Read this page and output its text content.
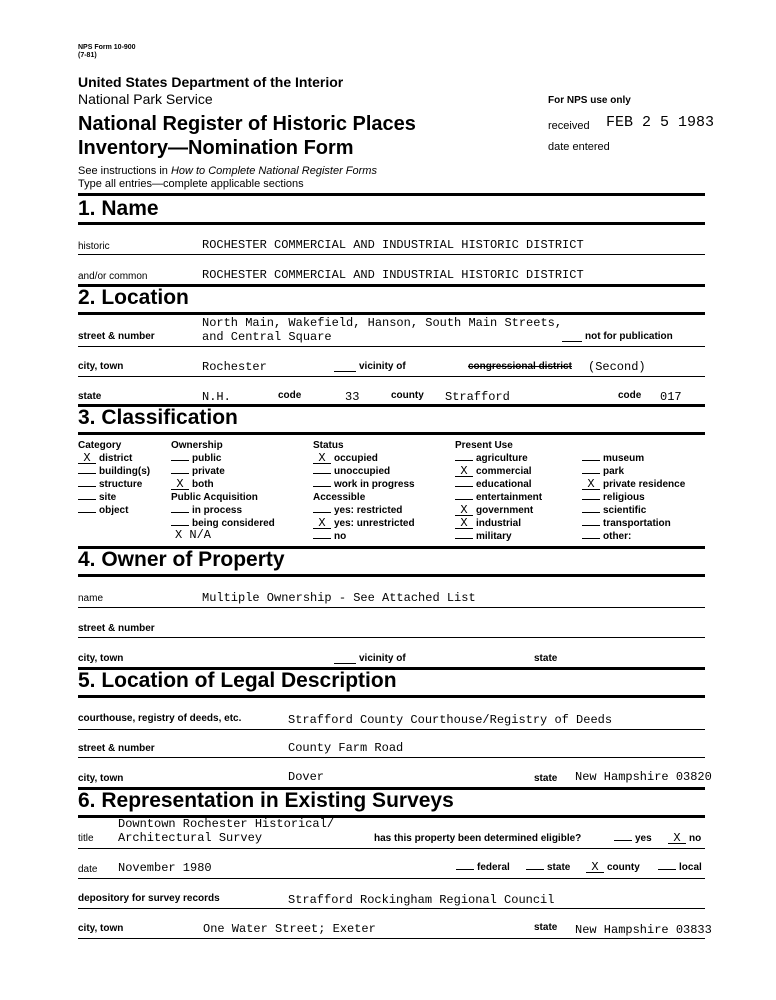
NPS Form 10-900
(7-81)
United States Department of the Interior
National Park Service	For NPS use only
received FEB 2 5 1983
date entered
National Register of Historic Places
Inventory—Nomination Form
See instructions in How to Complete National Register Forms
Type all entries—complete applicable sections
1. Name
historic	ROCHESTER COMMERCIAL AND INDUSTRIAL HISTORIC DISTRICT
and/or common	ROCHESTER COMMERCIAL AND INDUSTRIAL HISTORIC DISTRICT
2. Location
street & number
North Main, Wakefield, Hanson, South Main Streets,
and Central Square	not for publication
city, town	Rochester	vicinity of	congressional district (Second)
state	N.H.	code	33	county Strafford	code 017
3. Classification
Category
X district
building(s)
structure
site
object
Ownership
public
private
X both
Public Acquisition
in process
being considered
X N/A
Status
X occupied
unoccupied
work in progress
Accessible
yes: restricted
X yes: unrestricted
no
Present Use
agriculture
X commercial
educational
entertainment
X government
X industrial
military
museum
park
X private residence
religious
scientific
transportation
other:
4. Owner of Property
name	Multiple Ownership - See Attached List
street & number
city, town	vicinity of	state
5. Location of Legal Description
courthouse, registry of deeds, etc.	Strafford County Courthouse/Registry of Deeds
street & number	County Farm Road
city, town	Dover	state New Hampshire 03820
6. Representation in Existing Surveys
Downtown Rochester Historical/
title Architectural Survey	has this property been determined eligible?	yes	X no
date November 1980	federal	state	X county	local
depository for survey records	Strafford Rockingham Regional Council
city, town	One Water Street; Exeter	state New Hampshire 03833
